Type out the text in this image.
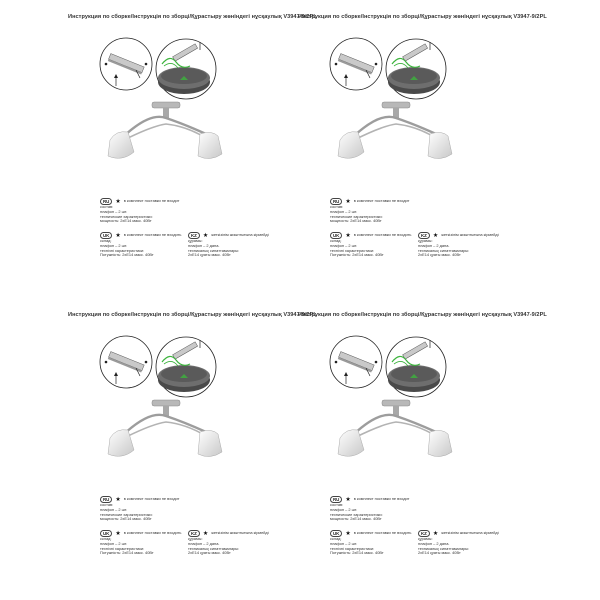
Инструкция по сборке/Інструкція по зборці/Құрастыру жөніндегі нұсқаулық V3947-9/2PL
RU	★ в комплект поставки не входит
состав:
плафон – 2 шт.
технические характеристики:
мощность: 2xE14 макс. 40Вт
UK	★ в комплект поставки не входить
склад:
плафон – 2 шт.
технічні характеристики:
Потужність: 2xE14 макс. 40Вт
KZ	★ жеткізілім жиынтығына кірмейді
құрамы:
плафон – 2 дана.
техникалық сипаттамалары:
2xE14 қуаты макс. 40Вт
Инструкция по сборке/Інструкція по зборці/Құрастыру жөніндегі нұсқаулық V3947-9/2PL
RU	★ в комплект поставки не входит
состав:
плафон – 2 шт.
технические характеристики:
мощность: 2xE14 макс. 40Вт
UK	★ в комплект поставки не входить
склад:
плафон – 2 шт.
технічні характеристики:
Потужність: 2xE14 макс. 40Вт
KZ	★ жеткізілім жиынтығына кірмейді
құрамы:
плафон – 2 дана.
техникалық сипаттамалары:
2xE14 қуаты макс. 40Вт
Инструкция по сборке/Інструкція по зборці/Құрастыру жөніндегі нұсқаулық V3947-9/2PL
RU	★ в комплект поставки не входит
состав:
плафон – 2 шт.
технические характеристики:
мощность: 2xE14 макс. 40Вт
UK	★ в комплект поставки не входить
склад:
плафон – 2 шт.
технічні характеристики:
Потужність: 2xE14 макс. 40Вт
KZ	★ жеткізілім жиынтығына кірмейді
құрамы:
плафон – 2 дана.
техникалық сипаттамалары:
2xE14 қуаты макс. 40Вт
Инструкция по сборке/Інструкція по зборці/Құрастыру жөніндегі нұсқаулық V3947-9/2PL
RU	★ в комплект поставки не входит
состав:
плафон – 2 шт.
технические характеристики:
мощность: 2xE14 макс. 40Вт
UK	★ в комплект поставки не входить
склад:
плафон – 2 шт.
технічні характеристики:
Потужність: 2xE14 макс. 40Вт
KZ	★ жеткізілім жиынтығына кірмейді
құрамы:
плафон – 2 дана.
техникалық сипаттамалары:
2xE14 қуаты макс. 40Вт
